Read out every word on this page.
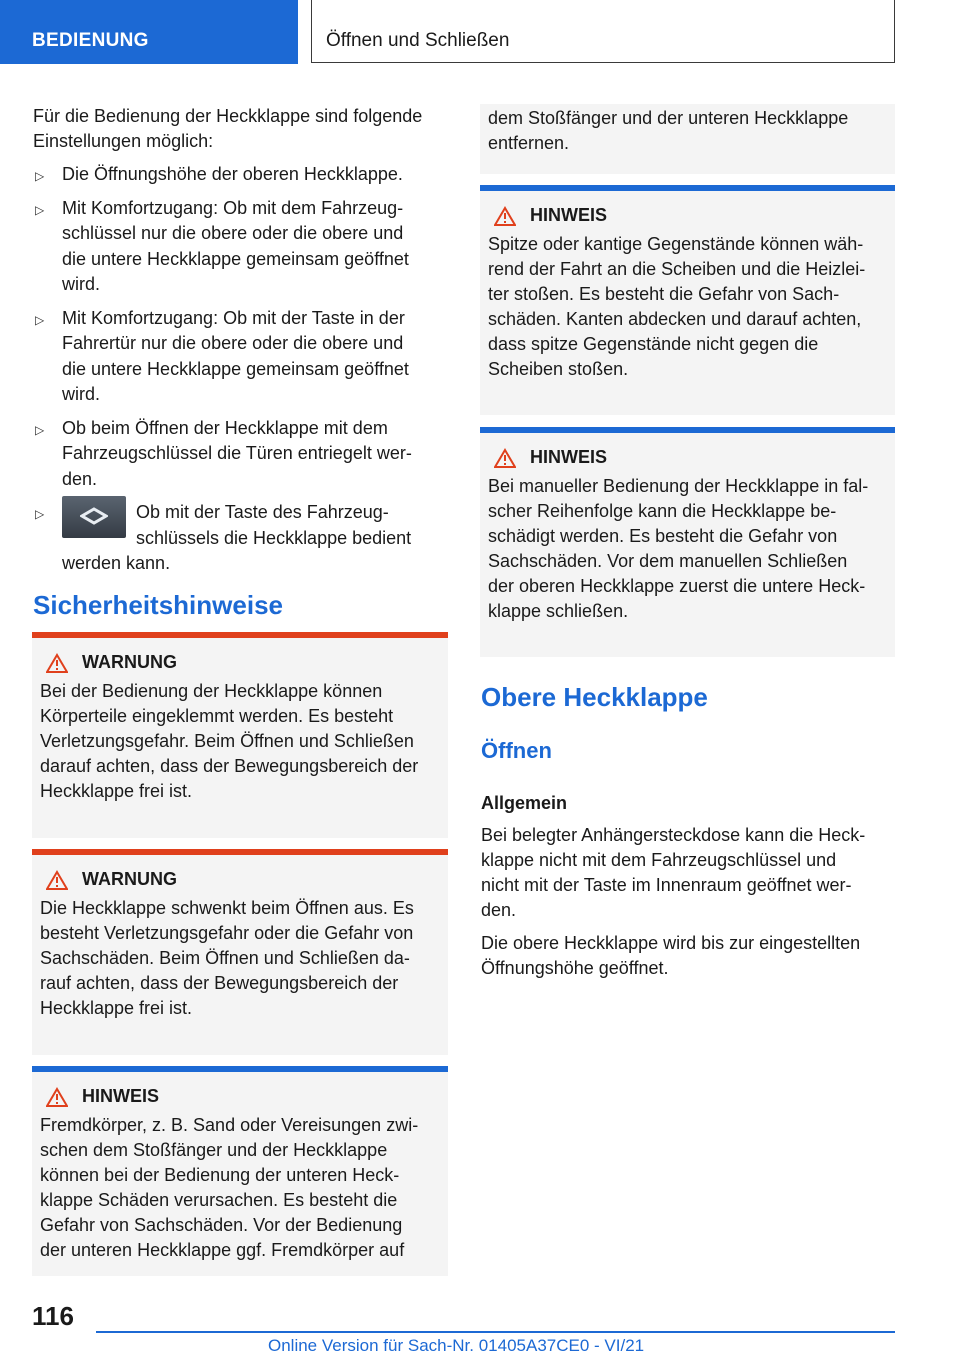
BEDIENUNG	Öffnen und Schließen

Für die Bedienung der Heckklappe sind folgende

Einstellungen möglich:

▷ Die Öffnungshöhe der oberen Heckklappe.
▷ Mit Komfortzugang: Ob mit dem Fahrzeug-
schlüssel nur die obere oder die obere und
die untere Heckklappe gemeinsam geöffnet
wird.
▷ Mit Komfortzugang: Ob mit der Taste in der
Fahrertür nur die obere oder die obere und
die untere Heckklappe gemeinsam geöffnet
wird.
▷ Ob beim Öffnen der Heckklappe mit dem
Fahrzeugschlüssel die Türen entriegelt wer-
den.
▷	Ob mit der Taste des Fahrzeug-
schlüssels die Heckklappe bedient
werden kann.
Sicherheitshinweise

WARNUNG

Bei der Bedienung der Heckklappe können

Körperteile eingeklemmt werden. Es besteht

Verletzungsgefahr. Beim Öffnen und Schließen

darauf achten, dass der Bewegungsbereich der

Heckklappe frei ist.

WARNUNG

Die Heckklappe schwenkt beim Öffnen aus. Es

besteht Verletzungsgefahr oder die Gefahr von

Sachschäden. Beim Öffnen und Schließen da-

rauf achten, dass der Bewegungsbereich der

Heckklappe frei ist.

HINWEIS

Fremdkörper, z. B. Sand oder Vereisungen zwi-

schen dem Stoßfänger und der Heckklappe

können bei der Bedienung der unteren Heck-

klappe Schäden verursachen. Es besteht die

Gefahr von Sachschäden. Vor der Bedienung

der unteren Heckklappe ggf. Fremdkörper auf

dem Stoßfänger und der unteren Heckklappe

entfernen.

HINWEIS

Spitze oder kantige Gegenstände können wäh-

rend der Fahrt an die Scheiben und die Heizlei-

ter stoßen. Es besteht die Gefahr von Sach-

schäden. Kanten abdecken und darauf achten,

dass spitze Gegenstände nicht gegen die

Scheiben stoßen.

HINWEIS

Bei manueller Bedienung der Heckklappe in fal-

scher Reihenfolge kann die Heckklappe be-

schädigt werden. Es besteht die Gefahr von

Sachschäden. Vor dem manuellen Schließen

der oberen Heckklappe zuerst die untere Heck-

klappe schließen.

Obere Heckklappe
Öffnen
Allgemein

Bei belegter Anhängersteckdose kann die Heck-

klappe nicht mit dem Fahrzeugschlüssel und

nicht mit der Taste im Innenraum geöffnet wer-

den.

Die obere Heckklappe wird bis zur eingestellten

Öffnungshöhe geöffnet.

116
Online Version für Sach-Nr. 01405A37CE0 - VI/21
